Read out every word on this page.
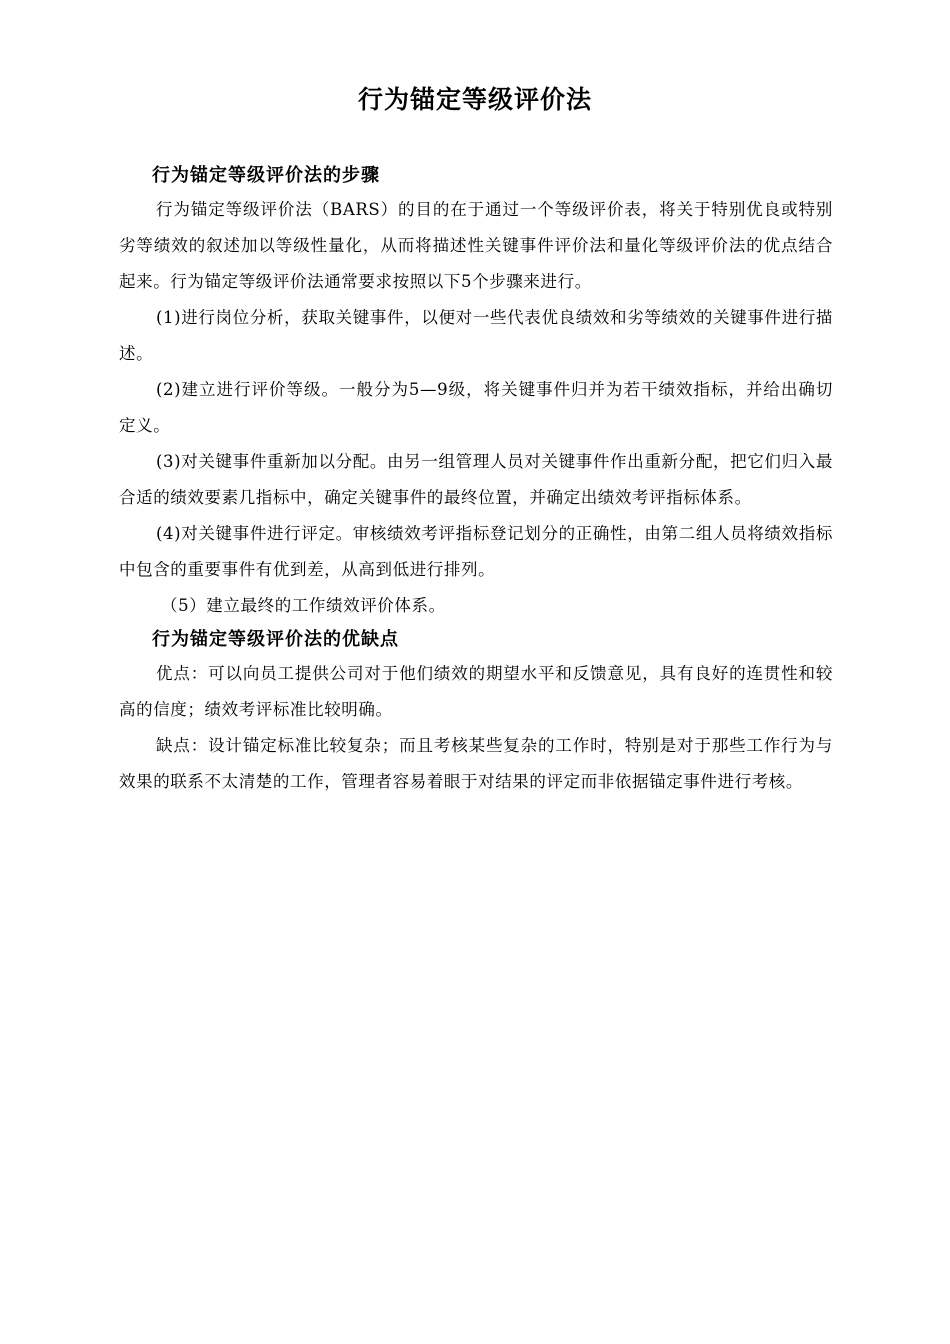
行为锚定等级评价法
行为锚定等级评价法的步骤

行为锚定等级评价法（BARS）的目的在于通过一个等级评价表，将关于特别优良或特别劣等绩效的叙述加以等级性量化，从而将描述性关键事件评价法和量化等级评价法的优点结合起来。行为锚定等级评价法通常要求按照以下5个步骤来进行。

(1)进行岗位分析，获取关键事件，以便对一些代表优良绩效和劣等绩效的关键事件进行描述。

(2)建立进行评价等级。一般分为5—9级，将关键事件归并为若干绩效指标，并给出确切定义。

(3)对关键事件重新加以分配。由另一组管理人员对关键事件作出重新分配，把它们归入最合适的绩效要素几指标中，确定关键事件的最终位置，并确定出绩效考评指标体系。

(4)对关键事件进行评定。审核绩效考评指标登记划分的正确性，由第二组人员将绩效指标中包含的重要事件有优到差，从高到低进行排列。

（5）建立最终的工作绩效评价体系。

行为锚定等级评价法的优缺点

优点：可以向员工提供公司对于他们绩效的期望水平和反馈意见，具有良好的连贯性和较高的信度；绩效考评标准比较明确。

缺点：设计锚定标准比较复杂；而且考核某些复杂的工作时，特别是对于那些工作行为与效果的联系不太清楚的工作，管理者容易着眼于对结果的评定而非依据锚定事件进行考核。
